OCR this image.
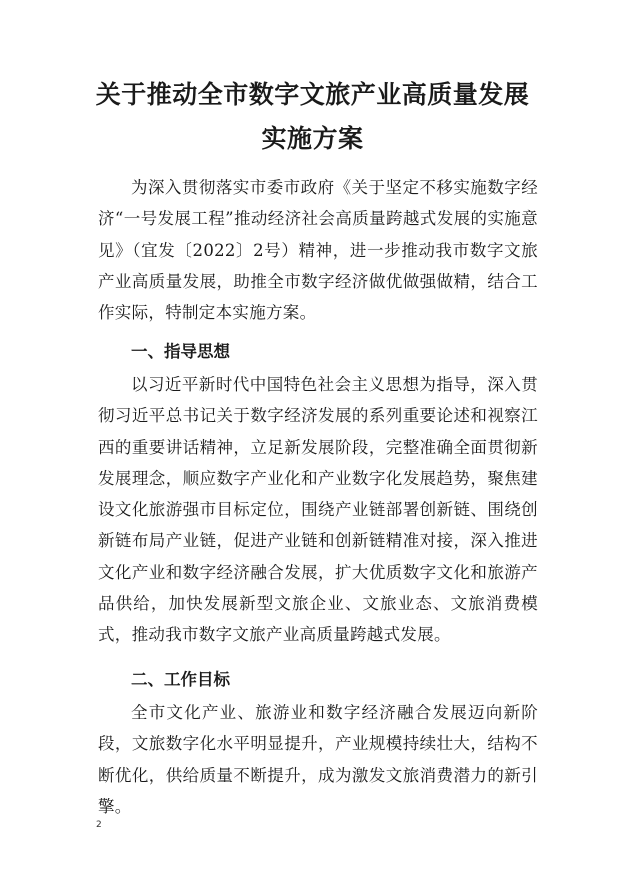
关于推动全市数字文旅产业高质量发展
实施方案

为深入贯彻落实市委市政府《关于坚定不移实施数字经济“一号发展工程”推动经济社会高质量跨越式发展的实施意见》（宜发〔2022〕2号）精神，进一步推动我市数字文旅产业高质量发展，助推全市数字经济做优做强做精，结合工作实际，特制定本实施方案。

一、指导思想

以习近平新时代中国特色社会主义思想为指导，深入贯彻习近平总书记关于数字经济发展的系列重要论述和视察江西的重要讲话精神，立足新发展阶段，完整准确全面贯彻新发展理念，顺应数字产业化和产业数字化发展趋势，聚焦建设文化旅游强市目标定位，围绕产业链部署创新链、围绕创新链布局产业链，促进产业链和创新链精准对接，深入推进文化产业和数字经济融合发展，扩大优质数字文化和旅游产品供给，加快发展新型文旅企业、文旅业态、文旅消费模式，推动我市数字文旅产业高质量跨越式发展。

二、工作目标

全市文化产业、旅游业和数字经济融合发展迈向新阶段，文旅数字化水平明显提升，产业规模持续壮大，结构不断优化，供给质量不断提升，成为激发文旅消费潜力的新引擎。

2
